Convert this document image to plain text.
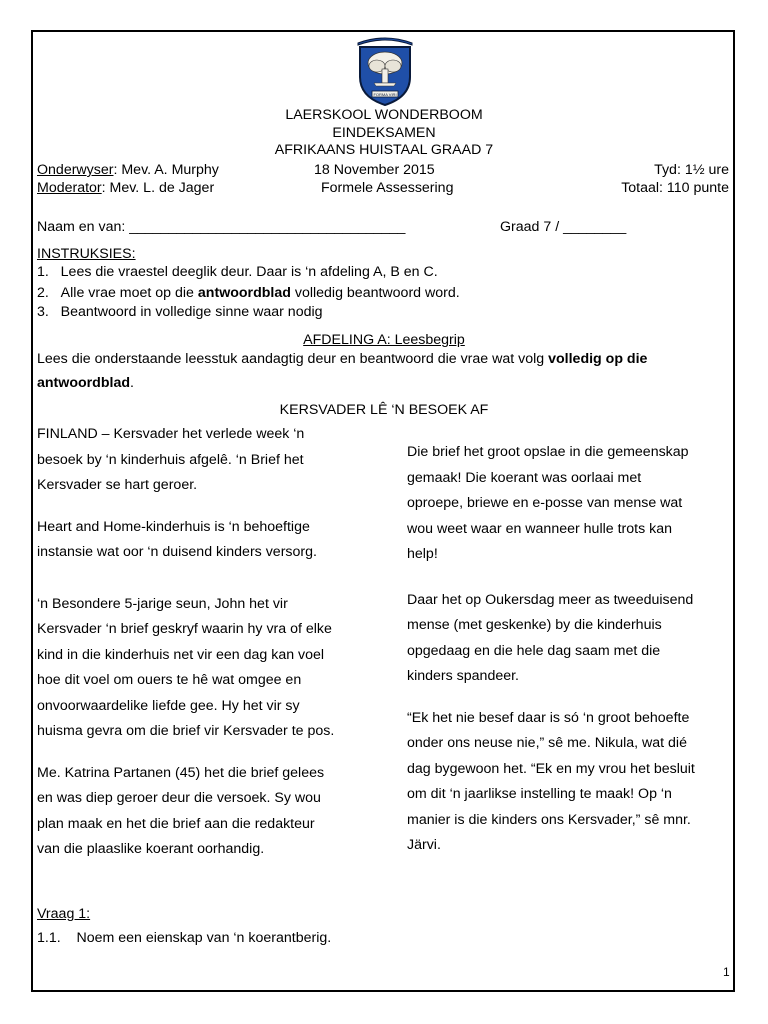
FORMA VIRI
LAERSKOOL WONDERBOOM
EINDEKSAMEN
AFRIKAANS HUISTAAL GRAAD 7
Onderwyser: Mev. A. Murphy	18 November 2015	Tyd: 1½ ure
Moderator: Mev. L. de Jager	Formele Assessering	Totaal: 110 punte
Naam en van: ___________________________________	Graad 7 / ________
INSTRUKSIES:
1. Lees die vraestel deeglik deur. Daar is ‘n afdeling A, B en C.
2. Alle vrae moet op die antwoordblad volledig beantwoord word.
3. Beantwoord in volledige sinne waar nodig
AFDELING A: Leesbegrip
Lees die onderstaande leesstuk aandagtig deur en beantwoord die vrae wat volg volledig op die
antwoordblad.
KERSVADER LÊ ‘N BESOEK AF

FINLAND – Kersvader het verlede week ‘n
besoek by ‘n kinderhuis afgelê. ‘n Brief het
Kersvader se hart geroer.

Heart and Home-kinderhuis is ‘n behoeftige
instansie wat oor ‘n duisend kinders versorg.

‘n Besondere 5-jarige seun, John het vir
Kersvader ‘n brief geskryf waarin hy vra of elke
kind in die kinderhuis net vir een dag kan voel
hoe dit voel om ouers te hê wat omgee en
onvoorwaardelike liefde gee. Hy het vir sy
huisma gevra om die brief vir Kersvader te pos.

Me. Katrina Partanen (45) het die brief gelees
en was diep geroer deur die versoek. Sy wou
plan maak en het die brief aan die redakteur
van die plaaslike koerant oorhandig.

Die brief het groot opslae in die gemeenskap
gemaak! Die koerant was oorlaai met
oproepe, briewe en e-posse van mense wat
wou weet waar en wanneer hulle trots kan
help!

Daar het op Oukersdag meer as tweeduisend
mense (met geskenke) by die kinderhuis
opgedaag en die hele dag saam met die
kinders spandeer.

“Ek het nie besef daar is só ‘n groot behoefte
onder ons neuse nie,” sê me. Nikula, wat dié
dag bygewoon het. “Ek en my vrou het besluit
om dit ‘n jaarlikse instelling te maak! Op ‘n
manier is die kinders ons Kersvader,” sê mnr.
Järvi.

Vraag 1:
1.1. Noem een eienskap van ‘n koerantberig.
1
